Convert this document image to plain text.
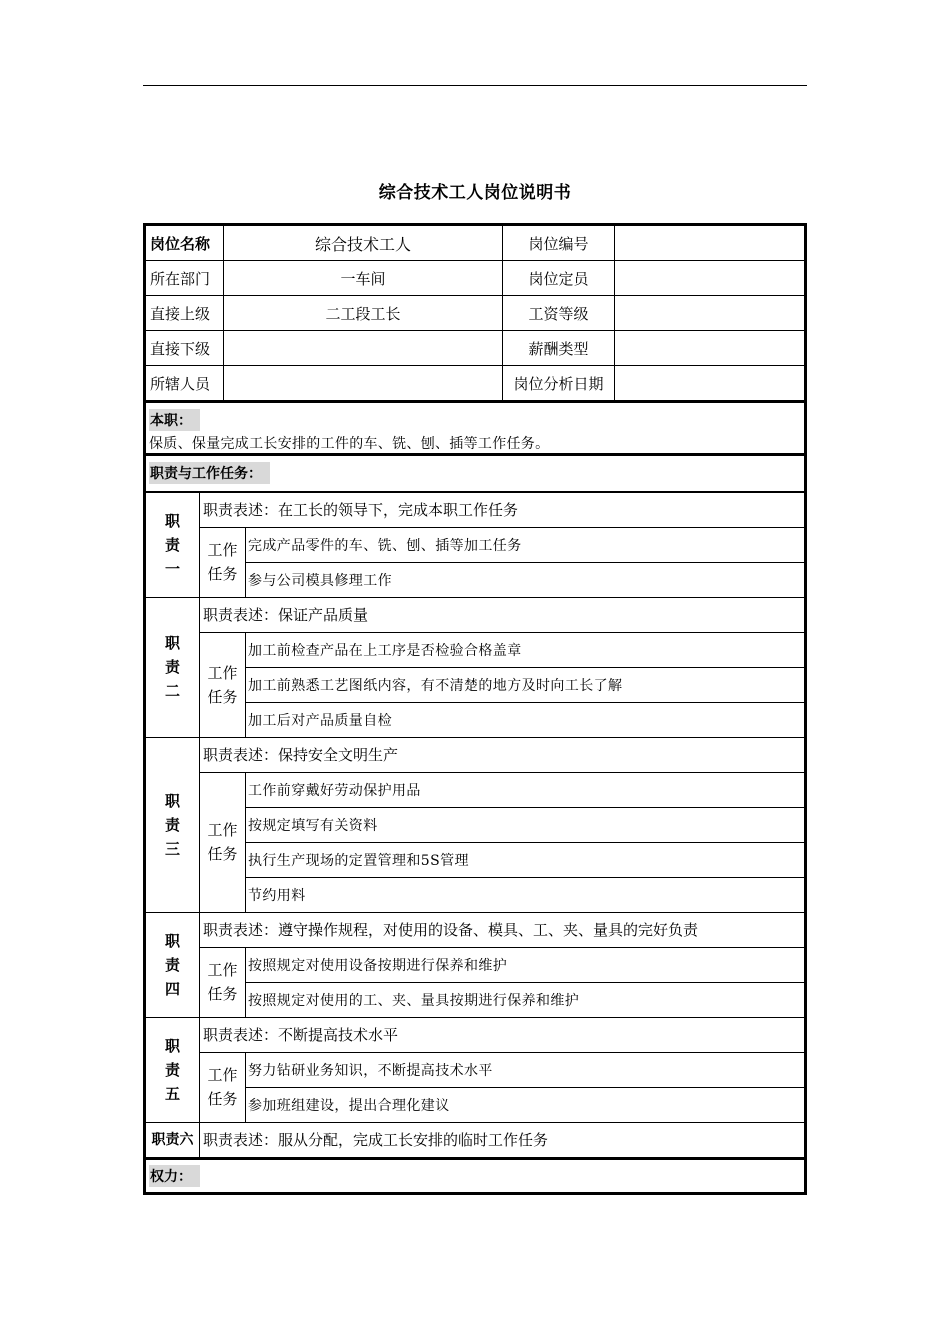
综合技术工人岗位说明书
岗位名称	综合技术工人	岗位编号	
所在部门	一车间	岗位定员	
直接上级	二工段工长	工资等级	
直接下级		薪酬类型	
所辖人员		岗位分析日期	
本职：
保质、保量完成工长安排的工件的车、铣、刨、插等工作任务。
职责与工作任务：
职责一	职责表述：在工长的领导下，完成本职工作任务	
	工作任务	完成产品零件的车、铣、刨、插等加工任务
		参与公司模具修理工作
职责二	职责表述：保证产品质量	
	工作任务	加工前检查产品在上工序是否检验合格盖章
		加工前熟悉工艺图纸内容，有不清楚的地方及时向工长了解
		加工后对产品质量自检
职责三	职责表述：保持安全文明生产	
	工作任务	工作前穿戴好劳动保护用品
		按规定填写有关资料
		执行生产现场的定置管理和5S管理
		节约用料
职责四	职责表述：遵守操作规程，对使用的设备、模具、工、夹、量具的完好负责	
	工作任务	按照规定对使用设备按期进行保养和维护
		按照规定对使用的工、夹、量具按期进行保养和维护
职责五	职责表述：不断提高技术水平	
	工作任务	努力钻研业务知识，不断提高技术水平
		参加班组建设，提出合理化建议
职责六	职责表述：服从分配，完成工长安排的临时工作任务	
权力：
